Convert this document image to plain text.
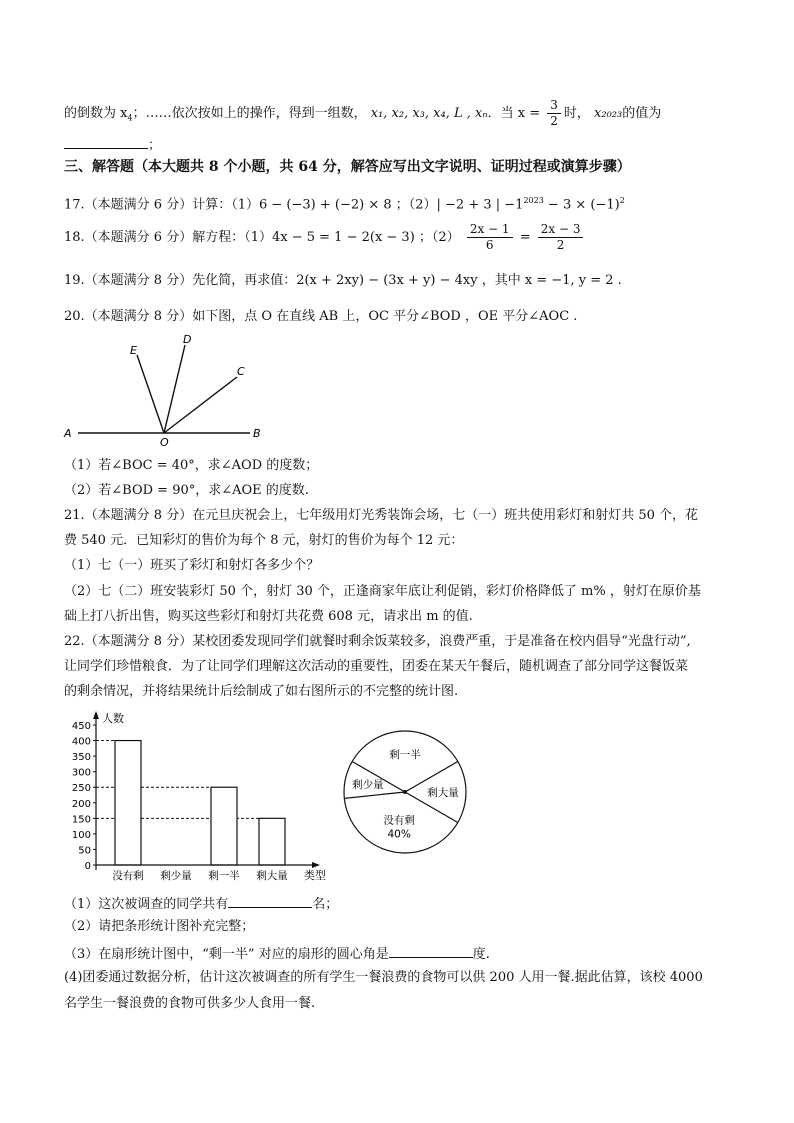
的倒数为 $x_4$；……依次按如上的操作，得到一组数， x₁, x₂, x₃, x₄, L , xₙ．当 $x = \frac{3}{2}$ 时， x₂₀₂₃的值为
；
三、解答题（本大题共 8 个小题，共 64 分，解答应写出文字说明、证明过程或演算步骤）
17.（本题满分 6 分）计算：（1）6 − (−3) + (−2) × 8 ；（2）| −2 + 3 | $-1^{2023} - 3 \times (-1)^2$
18.（本题满分 6 分）解方程：（1）4x − 5 = 1 − 2(x − 3) ；$(2) \frac{2x - 1}{6} = \frac{2x - 3}{2}$
19.（本题满分 8 分）先化简，再求值：2(x + 2xy) − (3x + y) − 4xy ，其中 x = −1, y = 2 .
20.（本题满分 8 分）如下图，点 O 在直线 AB 上，OC 平分∠BOD ，OE 平分∠AOC .
A	B
O
E
D
C
（1）若∠BOC = 40°，求∠AOD 的度数；
（2）若∠BOD = 90°，求∠AOE 的度数.
21.（本题满分 8 分）在元旦庆祝会上，七年级用灯光秀装饰会场，七（一）班共使用彩灯和射灯共 50 个，花
费 540 元．已知彩灯的售价为每个 8 元，射灯的售价为每个 12 元：
（1）七（一）班买了彩灯和射灯各多少个？
（2）七（二）班安装彩灯 50 个，射灯 30 个，正逢商家年底让利促销，彩灯价格降低了 m% ，射灯在原价基
础上打八折出售，购买这些彩灯和射灯共花费 608 元，请求出 m 的值.
22.（本题满分 8 分）某校团委发现同学们就餐时剩余饭菜较多，浪费严重，于是准备在校内倡导“光盘行动”,
让同学们珍惜粮食．为了让同学们理解这次活动的重要性，团委在某天午餐后，随机调查了部分同学这餐饭菜
的剩余情况，并将结果统计后绘制成了如右图所示的不完整的统计图.
0
50
100
150
200
250
300
350
400
450
没有剩 剩少量 剩一半 剩大量
人数
类型
剩一半
剩大量
没有剩
40%
剩少量
（1）这次被调查的同学共有	名；
（2）请把条形统计图补充完整；
（3）在扇形统计图中，“剩一半” 对应的扇形的圆心角是	度.
(4)团委通过数据分析，估计这次被调查的所有学生一餐浪费的食物可以供 200 人用一餐.据此估算，该校 4000
名学生一餐浪费的食物可供多少人食用一餐.
